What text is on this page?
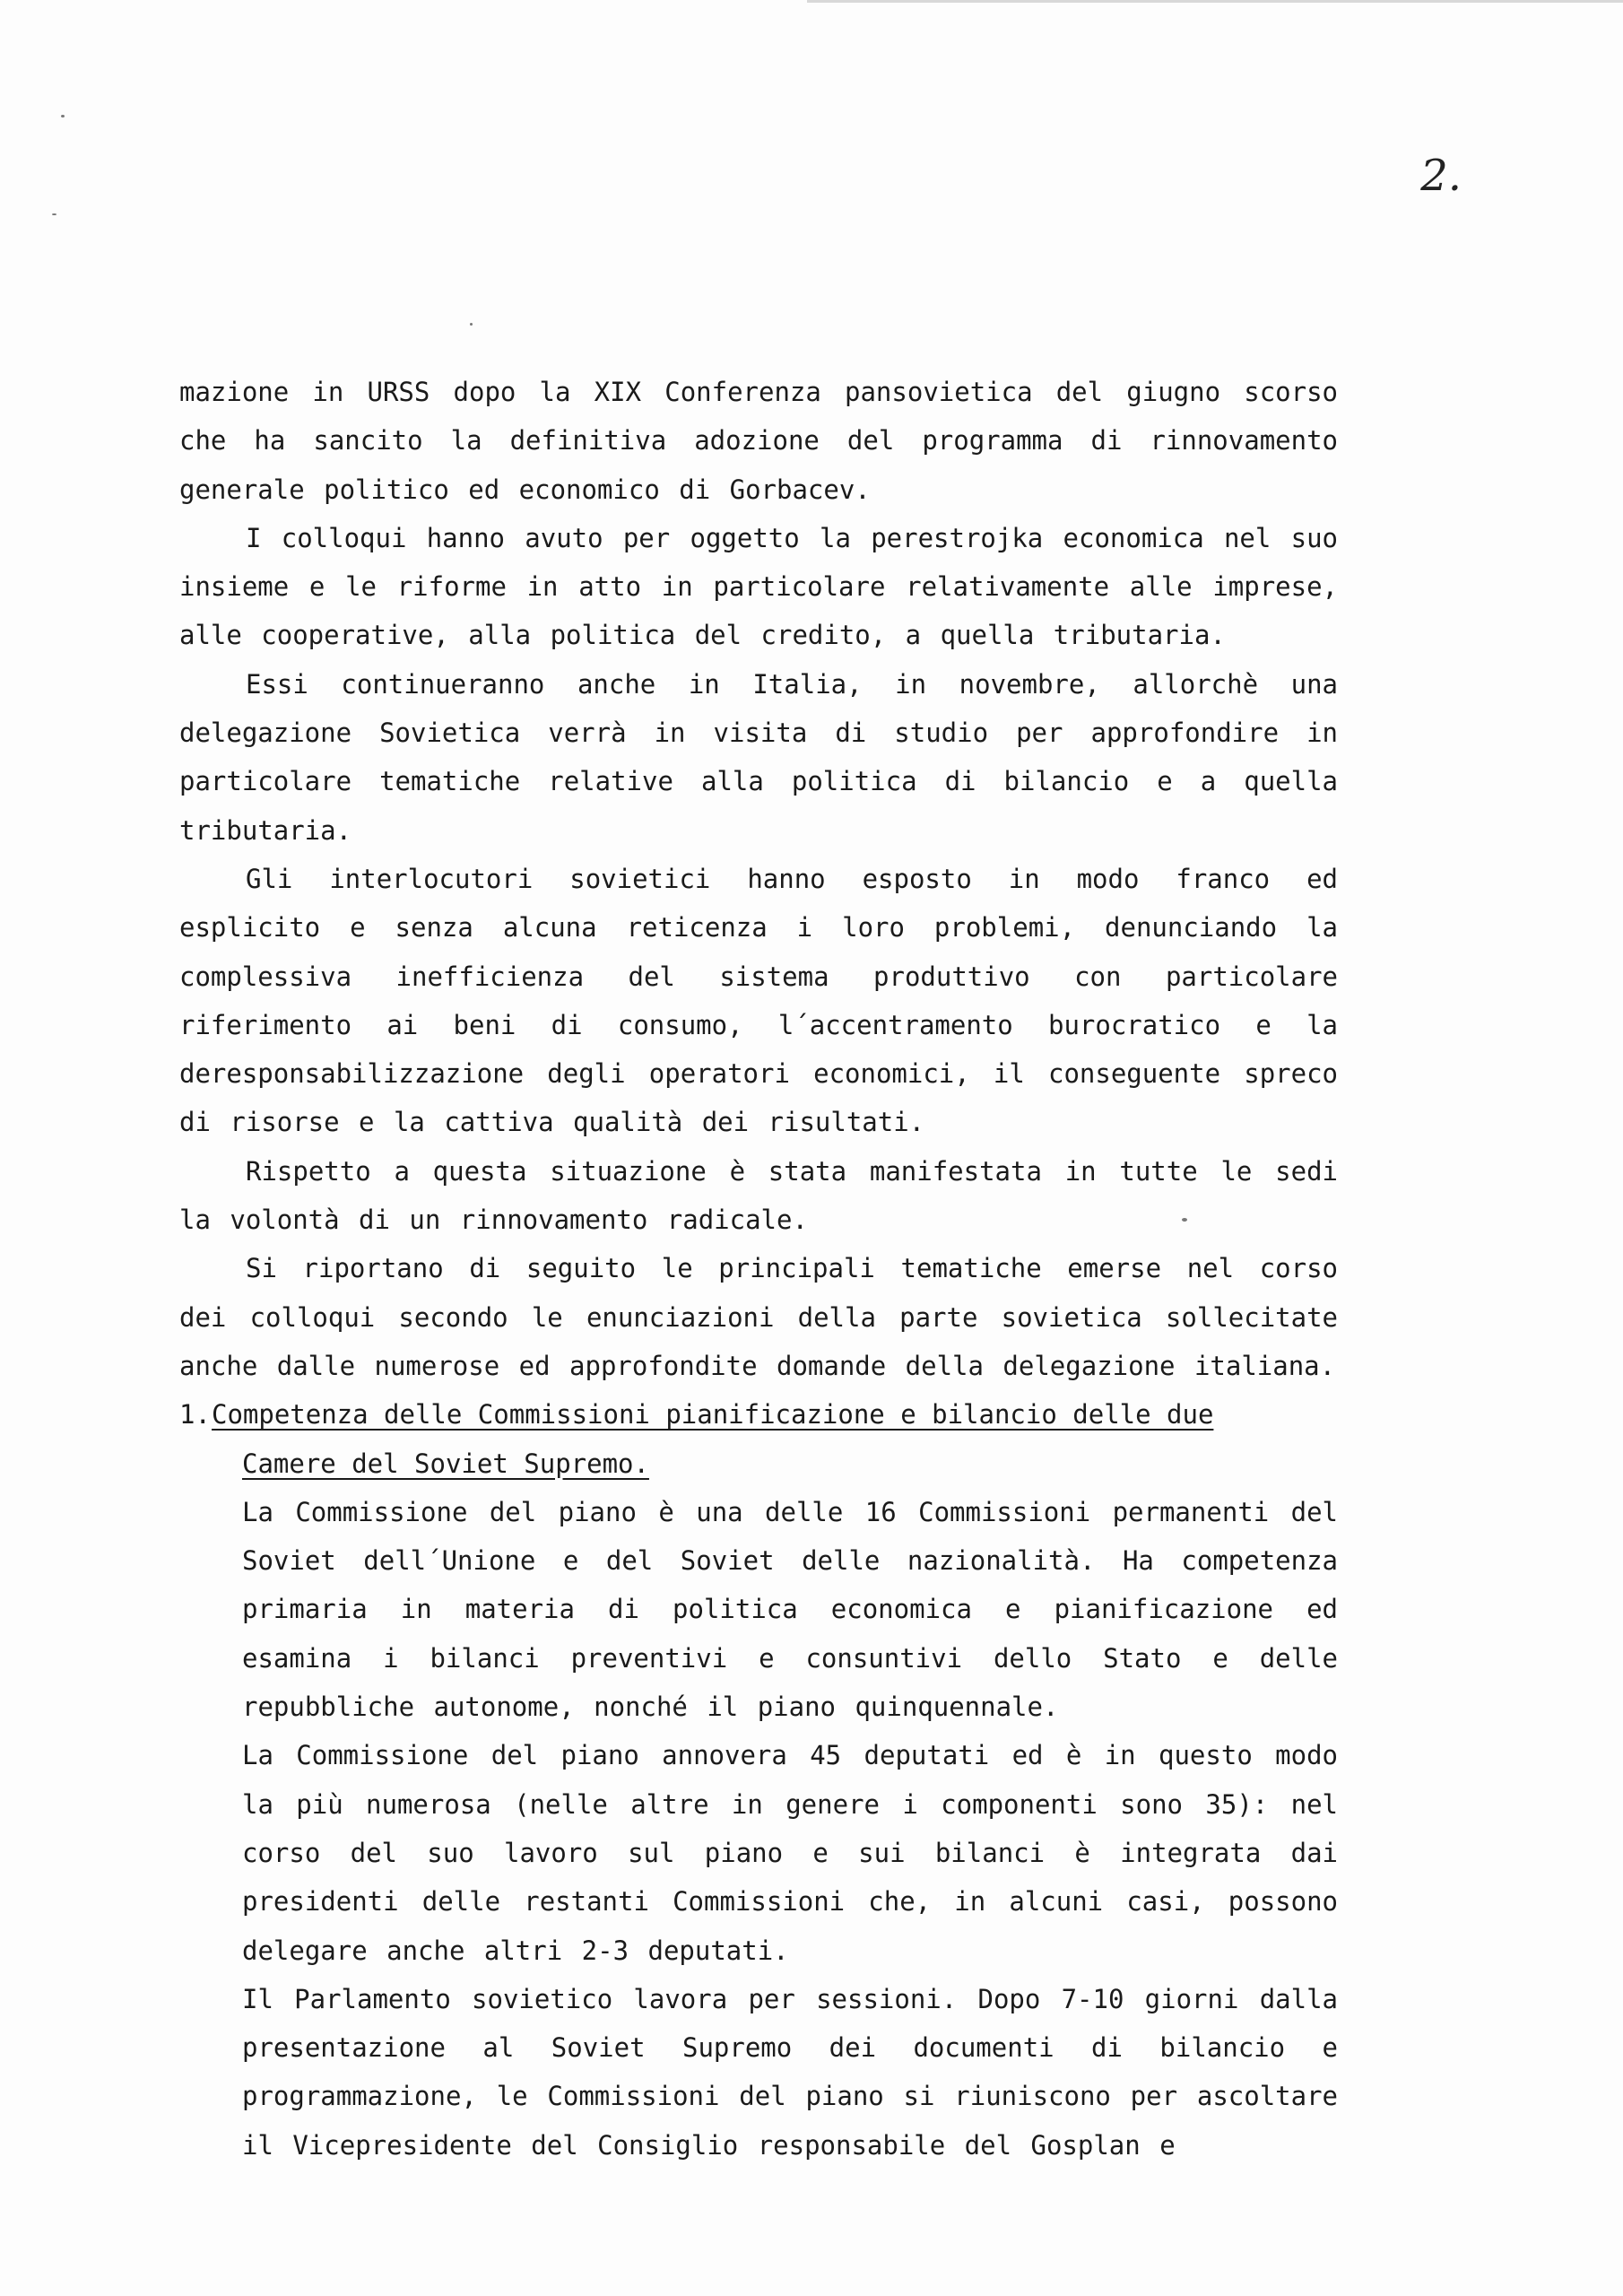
2.

mazione in URSS dopo la XIX Conferenza pansovietica del giugno scorso che ha sancito la definitiva adozione del programma di rinnovamento generale politico ed economico di Gorbacev.

I colloqui hanno avuto per oggetto la perestrojka economica nel suo insieme e le riforme in atto in particolare relativamente alle imprese, alle cooperative, alla politica del credito, a quella tributaria.

Essi continueranno anche in Italia, in novembre, allorchè una delegazione Sovietica verrà in visita di studio per approfondire in particolare tematiche relative alla politica di bilancio e a quella tributaria.

Gli interlocutori sovietici hanno esposto in modo franco ed esplicito e senza alcuna reticenza i loro problemi, denunciando la complessiva inefficienza del sistema produttivo con particolare riferimento ai beni di consumo, l´accentramento burocratico e la deresponsabilizzazione degli operatori economici, il conseguente spreco di risorse e la cattiva qualità dei risultati.

Rispetto a questa situazione è stata manifestata in tutte le sedi la volontà di un rinnovamento radicale.

Si riportano di seguito le principali tematiche emerse nel corso dei colloqui secondo le enunciazioni della parte sovietica sollecitate anche dalle numerose ed approfondite domande della delegazione italiana.

1.Competenza delle Commissioni pianificazione e bilancio delle due
Camere del Soviet Supremo.

La Commissione del piano è una delle 16 Commissioni permanenti del Soviet dell´Unione e del Soviet delle nazionalità. Ha competenza primaria in materia di politica economica e pianificazione ed esamina i bilanci preventivi e consuntivi dello Stato e delle repubbliche autonome, nonché il piano quinquennale.

La Commissione del piano annovera 45 deputati ed è in questo modo la più numerosa (nelle altre in genere i componenti sono 35): nel corso del suo lavoro sul piano e sui bilanci è integrata dai presidenti delle restanti Commissioni che, in alcuni casi, possono delegare anche altri 2-3 deputati.

Il Parlamento sovietico lavora per sessioni. Dopo 7-10 giorni dalla presentazione al Soviet Supremo dei documenti di bilancio e programmazione, le Commissioni del piano si riuniscono per ascoltare il Vicepresidente del Consiglio responsabile del Gosplan e
